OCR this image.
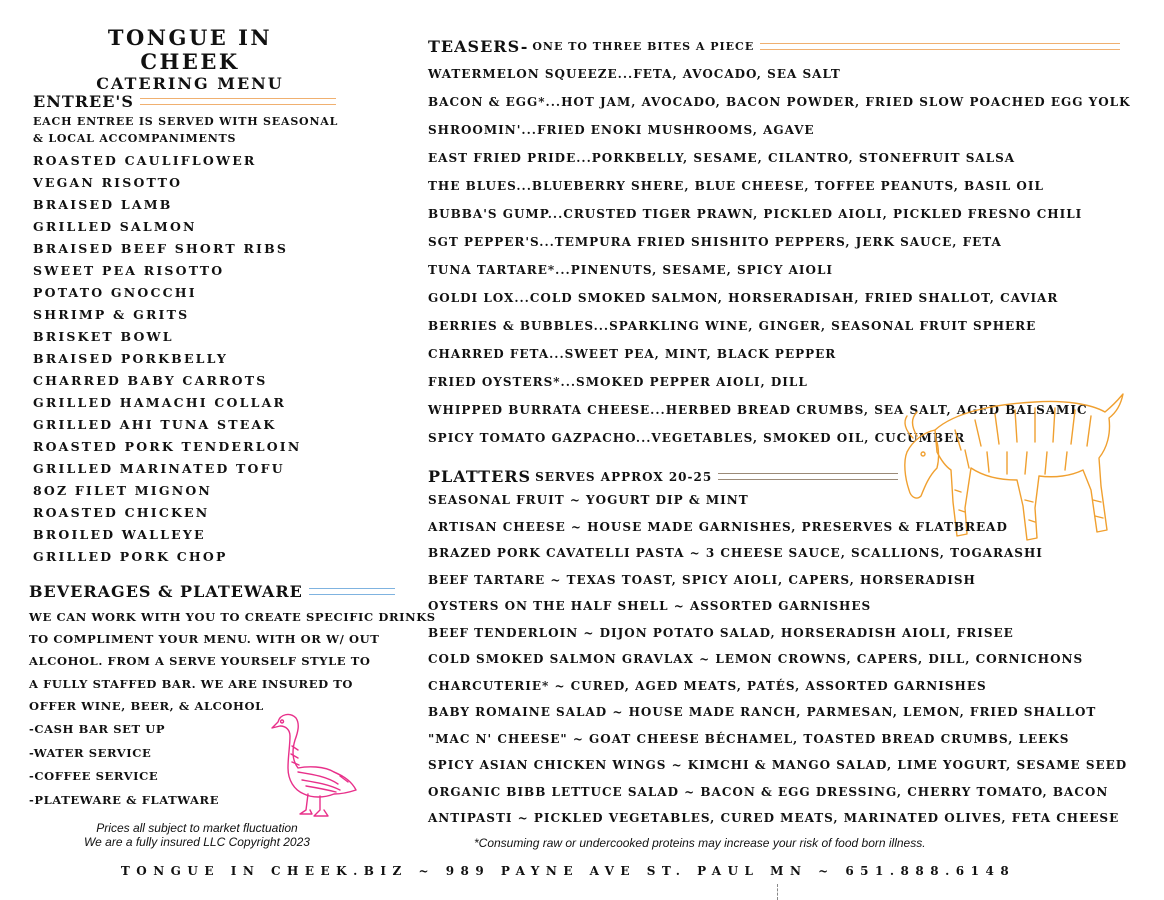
TONGUE IN CHEEK
CATERING MENU
ENTREE'S
EACH ENTREE IS SERVED WITH SEASONAL
& LOCAL ACCOMPANIMENTS
ROASTED CAULIFLOWER
VEGAN RISOTTO
BRAISED LAMB
GRILLED SALMON
BRAISED BEEF SHORT RIBS
SWEET PEA RISOTTO
POTATO GNOCCHI
SHRIMP & GRITS
BRISKET BOWL
BRAISED PORKBELLY
CHARRED BABY CARROTS
GRILLED HAMACHI COLLAR
GRILLED AHI TUNA STEAK
ROASTED PORK TENDERLOIN
GRILLED MARINATED TOFU
8OZ FILET MIGNON
ROASTED CHICKEN
BROILED WALLEYE
GRILLED PORK CHOP
BEVERAGES & PLATEWARE
WE CAN WORK WITH YOU TO CREATE SPECIFIC DRINKS
TO COMPLIMENT YOUR MENU. WITH OR W/ OUT
ALCOHOL. FROM A SERVE YOURSELF STYLE TO
A FULLY STAFFED BAR. WE ARE INSURED TO
OFFER WINE, BEER, & ALCOHOL
-CASH BAR SET UP
-WATER SERVICE
-COFFEE SERVICE
-PLATEWARE & FLATWARE
Prices all subject to market fluctuation
We are a fully insured LLC Copyright 2023
TEASERS- ONE TO THREE BITES A PIECE
WATERMELON SQUEEZE...FETA, AVOCADO, SEA SALT
BACON & EGG*...HOT JAM, AVOCADO, BACON POWDER, FRIED SLOW POACHED EGG YOLK
SHROOMIN'...FRIED ENOKI MUSHROOMS, AGAVE
EAST FRIED PRIDE...PORKBELLY, SESAME, CILANTRO, STONEFRUIT SALSA
THE BLUES...BLUEBERRY SHERE, BLUE CHEESE, TOFFEE PEANUTS, BASIL OIL
BUBBA'S GUMP...CRUSTED TIGER PRAWN, PICKLED AIOLI, PICKLED FRESNO CHILI
SGT PEPPER'S...TEMPURA FRIED SHISHITO PEPPERS, JERK SAUCE, FETA
TUNA TARTARE*...PINENUTS, SESAME, SPICY AIOLI
GOLDI LOX...COLD SMOKED SALMON, HORSERADISAH, FRIED SHALLOT, CAVIAR
BERRIES & BUBBLES...SPARKLING WINE, GINGER, SEASONAL FRUIT SPHERE
CHARRED FETA...SWEET PEA, MINT, BLACK PEPPER
FRIED OYSTERS*...SMOKED PEPPER AIOLI, DILL
WHIPPED BURRATA CHEESE...HERBED BREAD CRUMBS, SEA SALT, AGED BALSAMIC
SPICY TOMATO GAZPACHO...VEGETABLES, SMOKED OIL, CUCUMBER
PLATTERS SERVES APPROX 20-25
SEASONAL FRUIT ~ YOGURT DIP & MINT
ARTISAN CHEESE ~ HOUSE MADE GARNISHES, PRESERVES & FLATBREAD
BRAZED PORK CAVATELLI PASTA ~ 3 CHEESE SAUCE, SCALLIONS, TOGARASHI
BEEF TARTARE ~ TEXAS TOAST, SPICY AIOLI, CAPERS, HORSERADISH
OYSTERS ON THE HALF SHELL ~ ASSORTED GARNISHES
BEEF TENDERLOIN ~ DIJON POTATO SALAD, HORSERADISH AIOLI, FRISEE
COLD SMOKED SALMON GRAVLAX ~ LEMON CROWNS, CAPERS, DILL, CORNICHONS
CHARCUTERIE* ~ CURED, AGED MEATS, PATÉS, ASSORTED GARNISHES
BABY ROMAINE SALAD ~ HOUSE MADE RANCH, PARMESAN, LEMON, FRIED SHALLOT
"MAC N' CHEESE" ~ GOAT CHEESE BÉCHAMEL, TOASTED BREAD CRUMBS, LEEKS
SPICY ASIAN CHICKEN WINGS ~ KIMCHI & MANGO SALAD, LIME YOGURT, SESAME SEED
ORGANIC BIBB LETTUCE SALAD ~ BACON & EGG DRESSING, CHERRY TOMATO, BACON
ANTIPASTI ~ PICKLED VEGETABLES, CURED MEATS, MARINATED OLIVES, FETA CHEESE
*Consuming raw or undercooked proteins may increase your risk of food born illness.
TONGUE IN CHEEK.BIZ ~ 989 PAYNE AVE ST. PAUL MN ~ 651.888.6148
